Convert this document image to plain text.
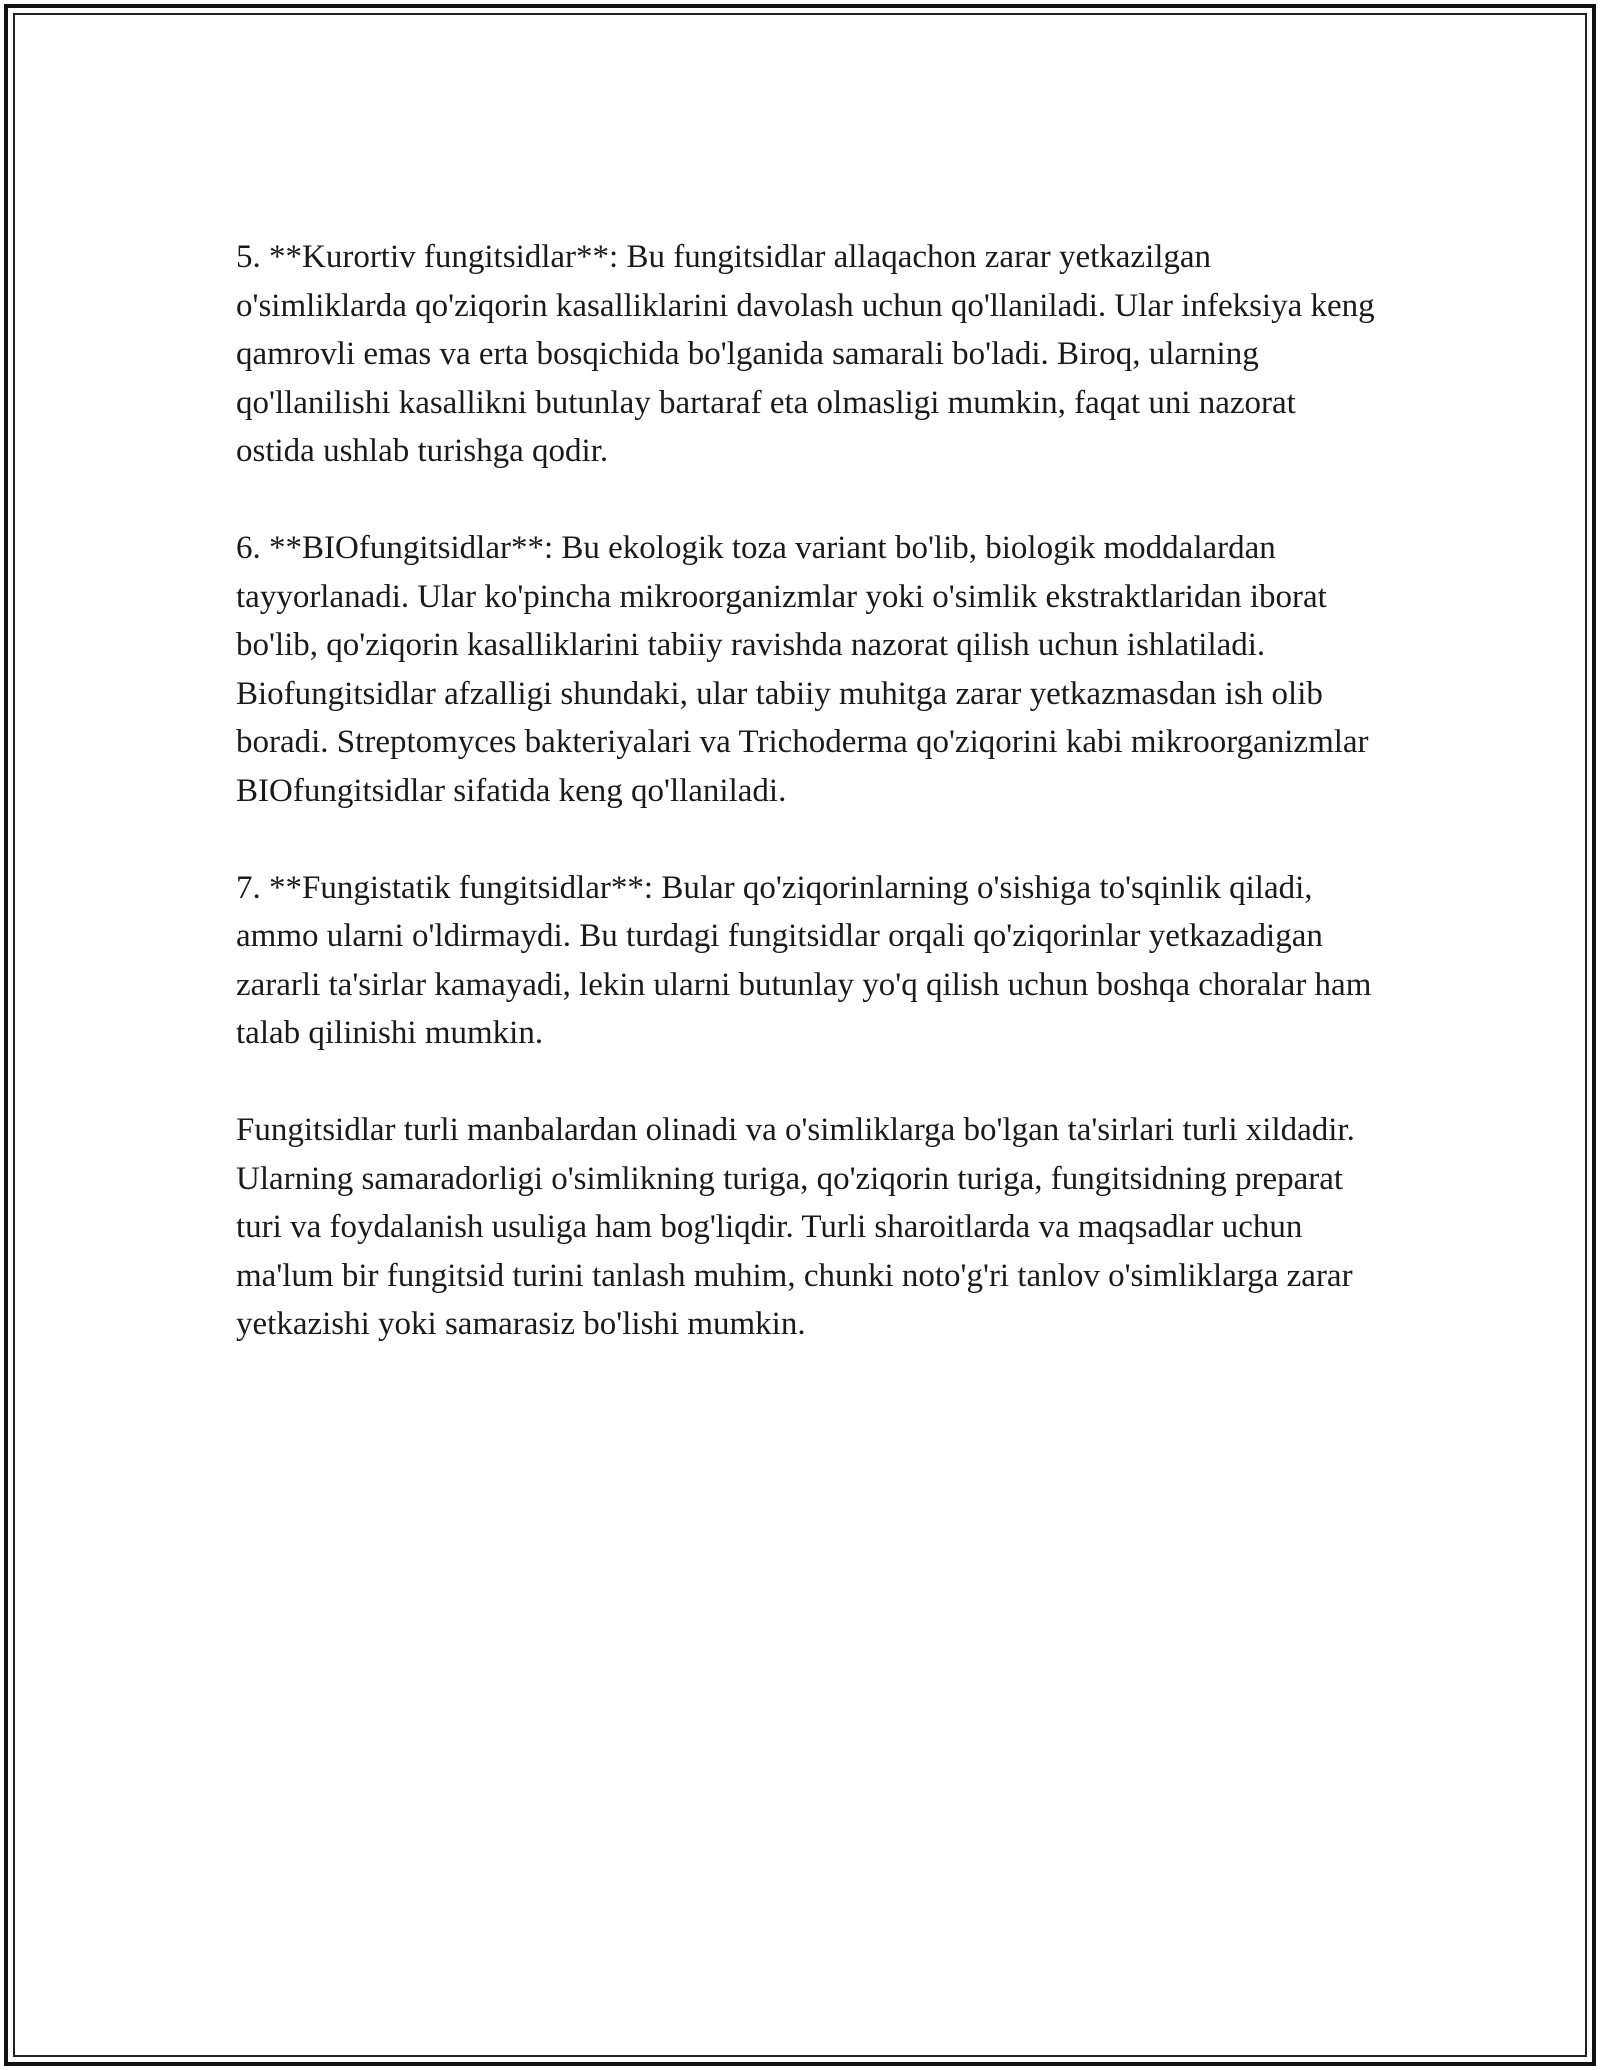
5. **Kurortiv fungitsidlar**: Bu fungitsidlar allaqachon zarar yetkazilgan o'simliklarda qo'ziqorin kasalliklarini davolash uchun qo'llaniladi. Ular infeksiya keng qamrovli emas va erta bosqichida bo'lganida samarali bo'ladi. Biroq, ularning qo'llanilishi kasallikni butunlay bartaraf eta olmasligi mumkin, faqat uni nazorat ostida ushlab turishga qodir.

6. **BIOfungitsidlar**: Bu ekologik toza variant bo'lib, biologik moddalardan tayyorlanadi. Ular ko'pincha mikroorganizmlar yoki o'simlik ekstraktlaridan iborat bo'lib, qo'ziqorin kasalliklarini tabiiy ravishda nazorat qilish uchun ishlatiladi. Biofungitsidlar afzalligi shundaki, ular tabiiy muhitga zarar yetkazmasdan ish olib boradi. Streptomyces bakteriyalari va Trichoderma qo'ziqorini kabi mikroorganizmlar BIOfungitsidlar sifatida keng qo'llaniladi.

7. **Fungistatik fungitsidlar**: Bular qo'ziqorinlarning o'sishiga to'sqinlik qiladi, ammo ularni o'ldirmaydi. Bu turdagi fungitsidlar orqali qo'ziqorinlar yetkazadigan zararli ta'sirlar kamayadi, lekin ularni butunlay yo'q qilish uchun boshqa choralar ham talab qilinishi mumkin.

Fungitsidlar turli manbalardan olinadi va o'simliklarga bo'lgan ta'sirlari turli xildadir. Ularning samaradorligi o'simlikning turiga, qo'ziqorin turiga, fungitsidning preparat turi va foydalanish usuliga ham bog'liqdir. Turli sharoitlarda va maqsadlar uchun ma'lum bir fungitsid turini tanlash muhim, chunki noto'g'ri tanlov o'simliklarga zarar yetkazishi yoki samarasiz bo'lishi mumkin.
